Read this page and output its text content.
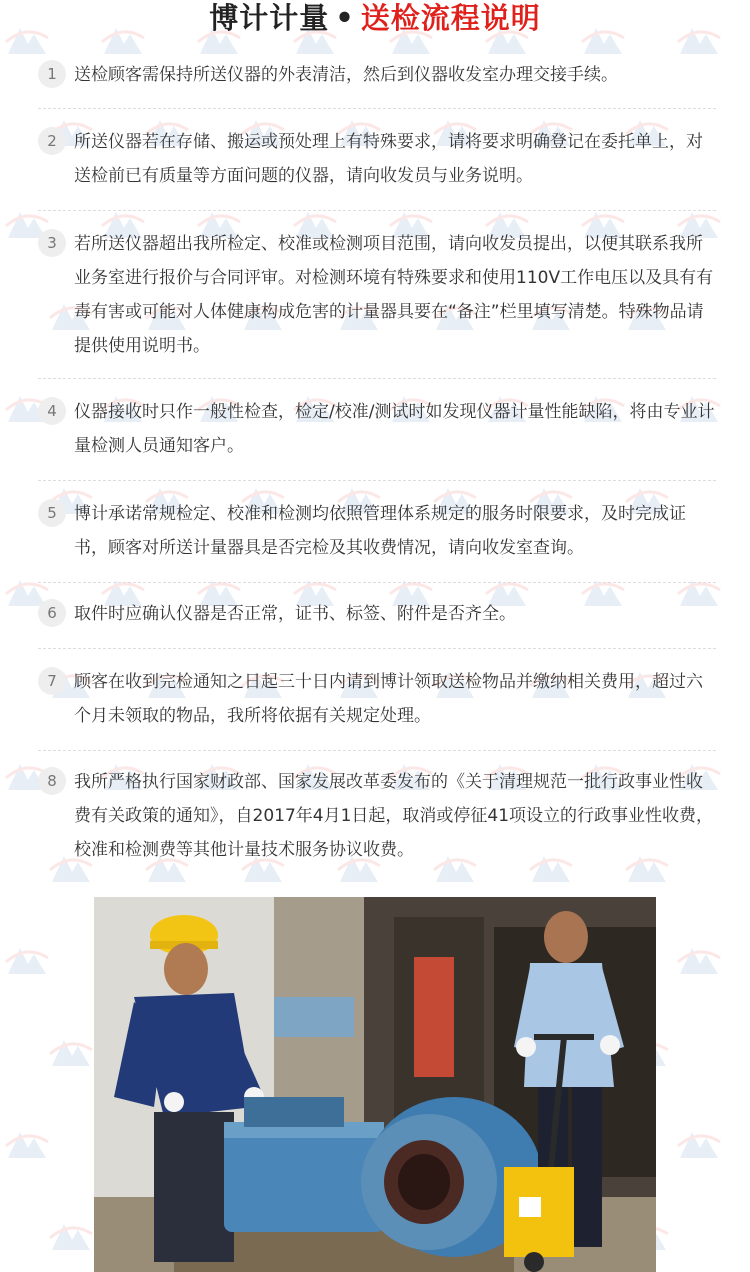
博计计量 • 送检流程说明
1	送检顾客需保持所送仪器的外表清洁，然后到仪器收发室办理交接手续。
2	所送仪器若在存储、搬运或预处理上有特殊要求，请将要求明确登记在委托单上，对送检前已有质量等方面问题的仪器，请向收发员与业务说明。
3	若所送仪器超出我所检定、校准或检测项目范围，请向收发员提出，以便其联系我所业务室进行报价与合同评审。对检测环境有特殊要求和使用110V工作电压以及具有有毒有害或可能对人体健康构成危害的计量器具要在“备注”栏里填写清楚。特殊物品请提供使用说明书。
4	仪器接收时只作一般性检查，检定/校准/测试时如发现仪器计量性能缺陷，将由专业计量检测人员通知客户。
5	博计承诺常规检定、校准和检测均依照管理体系规定的服务时限要求，及时完成证书，顾客对所送计量器具是否完检及其收费情况，请向收发室查询。
6	取件时应确认仪器是否正常，证书、标签、附件是否齐全。
7	顾客在收到完检通知之日起三十日内请到博计领取送检物品并缴纳相关费用，超过六个月未领取的物品，我所将依据有关规定处理。
8	我所严格执行国家财政部、国家发展改革委发布的《关于清理规范一批行政事业性收费有关政策的通知》，自2017年4月1日起，取消或停征41项设立的行政事业性收费，校准和检测费等其他计量技术服务协议收费。
